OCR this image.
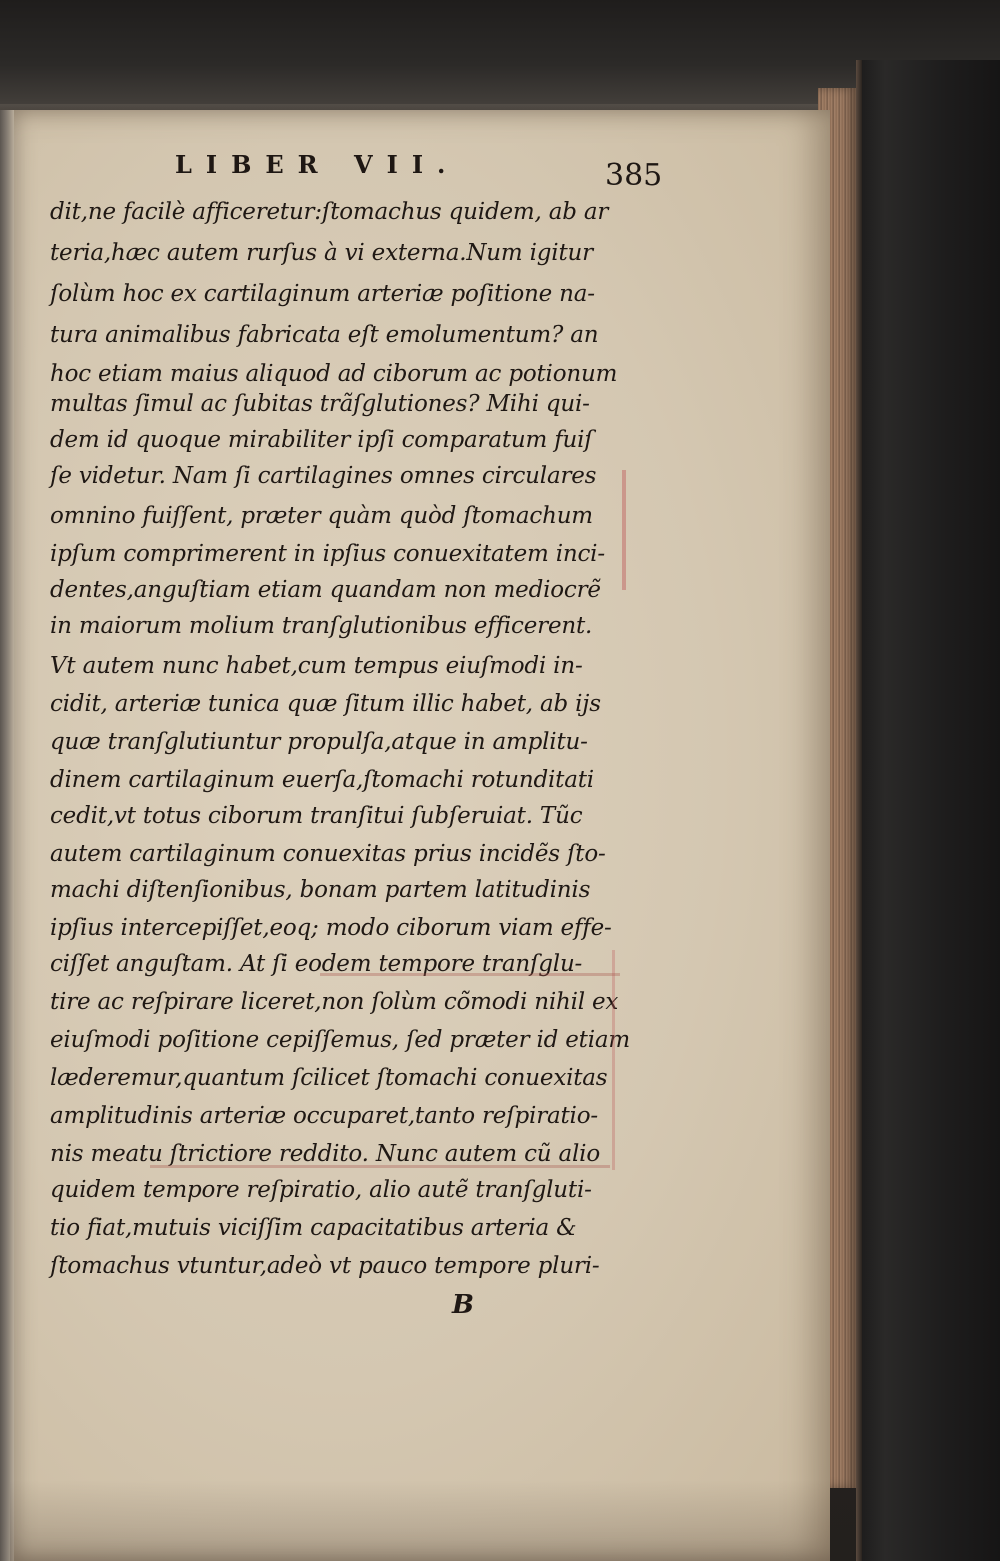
LIBER VII.	385
dit,ne facilè afficeretur:ſtomachus quidem, ab ar
teria,hæc autem rurſus à vi externa.Num igitur
ſolùm hoc ex cartilaginum arteriæ poſitione na-
tura animalibus fabricata eſt emolumentum? an
hoc etiam maius aliquod ad ciborum ac potionum
multas ſimul ac ſubitas trãſglutiones? Mihi qui-
dem id quoque mirabiliter ipſi comparatum fuiſ
ſe videtur. Nam ſi cartilagines omnes circulares
omnino fuiſſent, præter quàm quòd ſtomachum
ipſum comprimerent in ipſius conuexitatem inci-
dentes,anguſtiam etiam quandam non mediocrẽ
in maiorum molium tranſglutionibus efficerent.
Vt autem nunc habet,cum tempus eiuſmodi in-
cidit, arteriæ tunica quæ ſitum illic habet, ab ijs
quæ tranſglutiuntur propulſa,atque in amplitu-
dinem cartilaginum euerſa,ſtomachi rotunditati
cedit,vt totus ciborum tranſitui ſubſeruiat. Tũc
autem cartilaginum conuexitas prius incidẽs ſto-
machi diſtenſionibus, bonam partem latitudinis
ipſius intercepiſſet,eoq; modo ciborum viam effe-
ciſſet anguſtam. At ſi eodem tempore tranſglu-
tire ac reſpirare liceret,non ſolùm cõmodi nihil ex
eiuſmodi poſitione cepiſſemus, ſed præter id etiam
læderemur,quantum ſcilicet ſtomachi conuexitas
amplitudinis arteriæ occuparet,tanto reſpiratio-
nis meatu ſtrictiore reddito. Nunc autem cũ alio
quidem tempore reſpiratio, alio autẽ tranſgluti-
tio fiat,mutuis viciſſim capacitatibus arteria &
ſtomachus vtuntur,adeò vt pauco tempore pluri-
B
